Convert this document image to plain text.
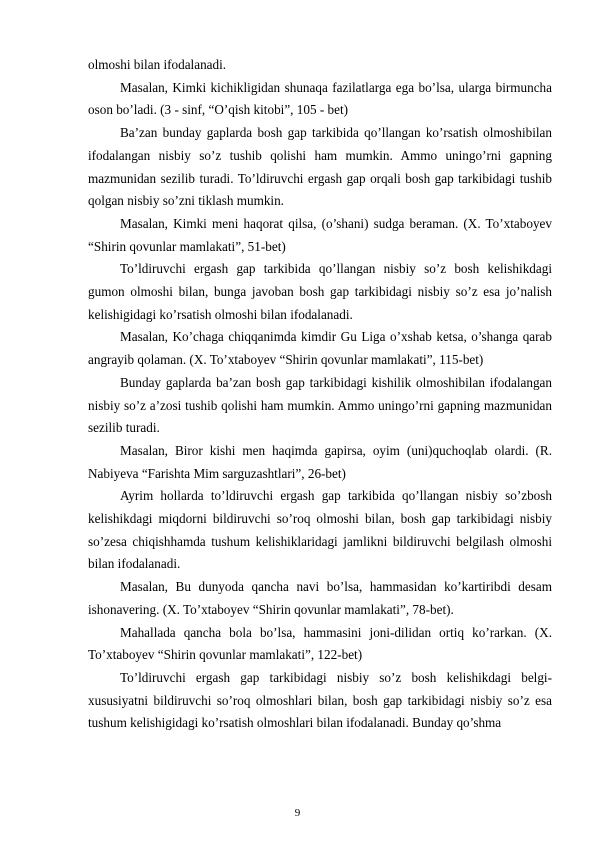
olmoshi bilan ifodalanadi.

Masalan, Kimki kichikligidan shunaqa fazilatlarga ega bo’lsa, ularga birmuncha oson bo’ladi. (3 - sinf, “O’qish kitobi”, 105 - bet)

Ba’zan bunday gaplarda bosh gap tarkibida qo’llangan ko’rsatish olmoshibilan ifodalangan nisbiy so’z tushib qolishi ham mumkin. Ammo uningo’rni gapning mazmunidan sezilib turadi. To’ldiruvchi ergash gap orqali bosh gap tarkibidagi tushib qolgan nisbiy so’zni tiklash mumkin.

Masalan, Kimki meni haqorat qilsa, (o’shani) sudga beraman. (X. To’xtaboyev “Shirin qovunlar mamlakati”, 51-bet)

To’ldiruvchi ergash gap tarkibida qo’llangan nisbiy so’z bosh kelishikdagi gumon olmoshi bilan, bunga javoban bosh gap tarkibidagi nisbiy so’z esa jo’nalish kelishigidagi ko’rsatish olmoshi bilan ifodalanadi.

Masalan, Ko’chaga chiqqanimda kimdir Gu Liga o’xshab ketsa, o’shanga qarab angrayib qolaman. (X. To’xtaboyev “Shirin qovunlar mamlakati”, 115-bet)

Bunday gaplarda ba’zan bosh gap tarkibidagi kishilik olmoshibilan ifodalangan nisbiy so’z a’zosi tushib qolishi ham mumkin. Ammo uningo’rni gapning mazmunidan sezilib turadi.

Masalan, Biror kishi men haqimda gapirsa, oyim (uni)quchoqlab olardi. (R. Nabiyeva “Farishta Mim sarguzashtlari”, 26-bet)

Ayrim hollarda to’ldiruvchi ergash gap tarkibida qo’llangan nisbiy so’zbosh kelishikdagi miqdorni bildiruvchi so’roq olmoshi bilan, bosh gap tarkibidagi nisbiy so’zesa chiqishhamda tushum kelishiklaridagi jamlikni bildiruvchi belgilash olmoshi bilan ifodalanadi.

Masalan, Bu dunyoda qancha navi bo’lsa, hammasidan ko’kartiribdi desam ishonavering. (X. To’xtaboyev “Shirin qovunlar mamlakati”, 78-bet).

Mahallada qancha bola bo’lsa, hammasini joni-dilidan ortiq ko’rarkan. (X. To’xtaboyev “Shirin qovunlar mamlakati”, 122-bet)

To’ldiruvchi ergash gap tarkibidagi nisbiy so’z bosh kelishikdagi belgi-xususiyatni bildiruvchi so’roq olmoshlari bilan, bosh gap tarkibidagi nisbiy so’z esa tushum kelishigidagi ko’rsatish olmoshlari bilan ifodalanadi. Bunday qo’shma

9
